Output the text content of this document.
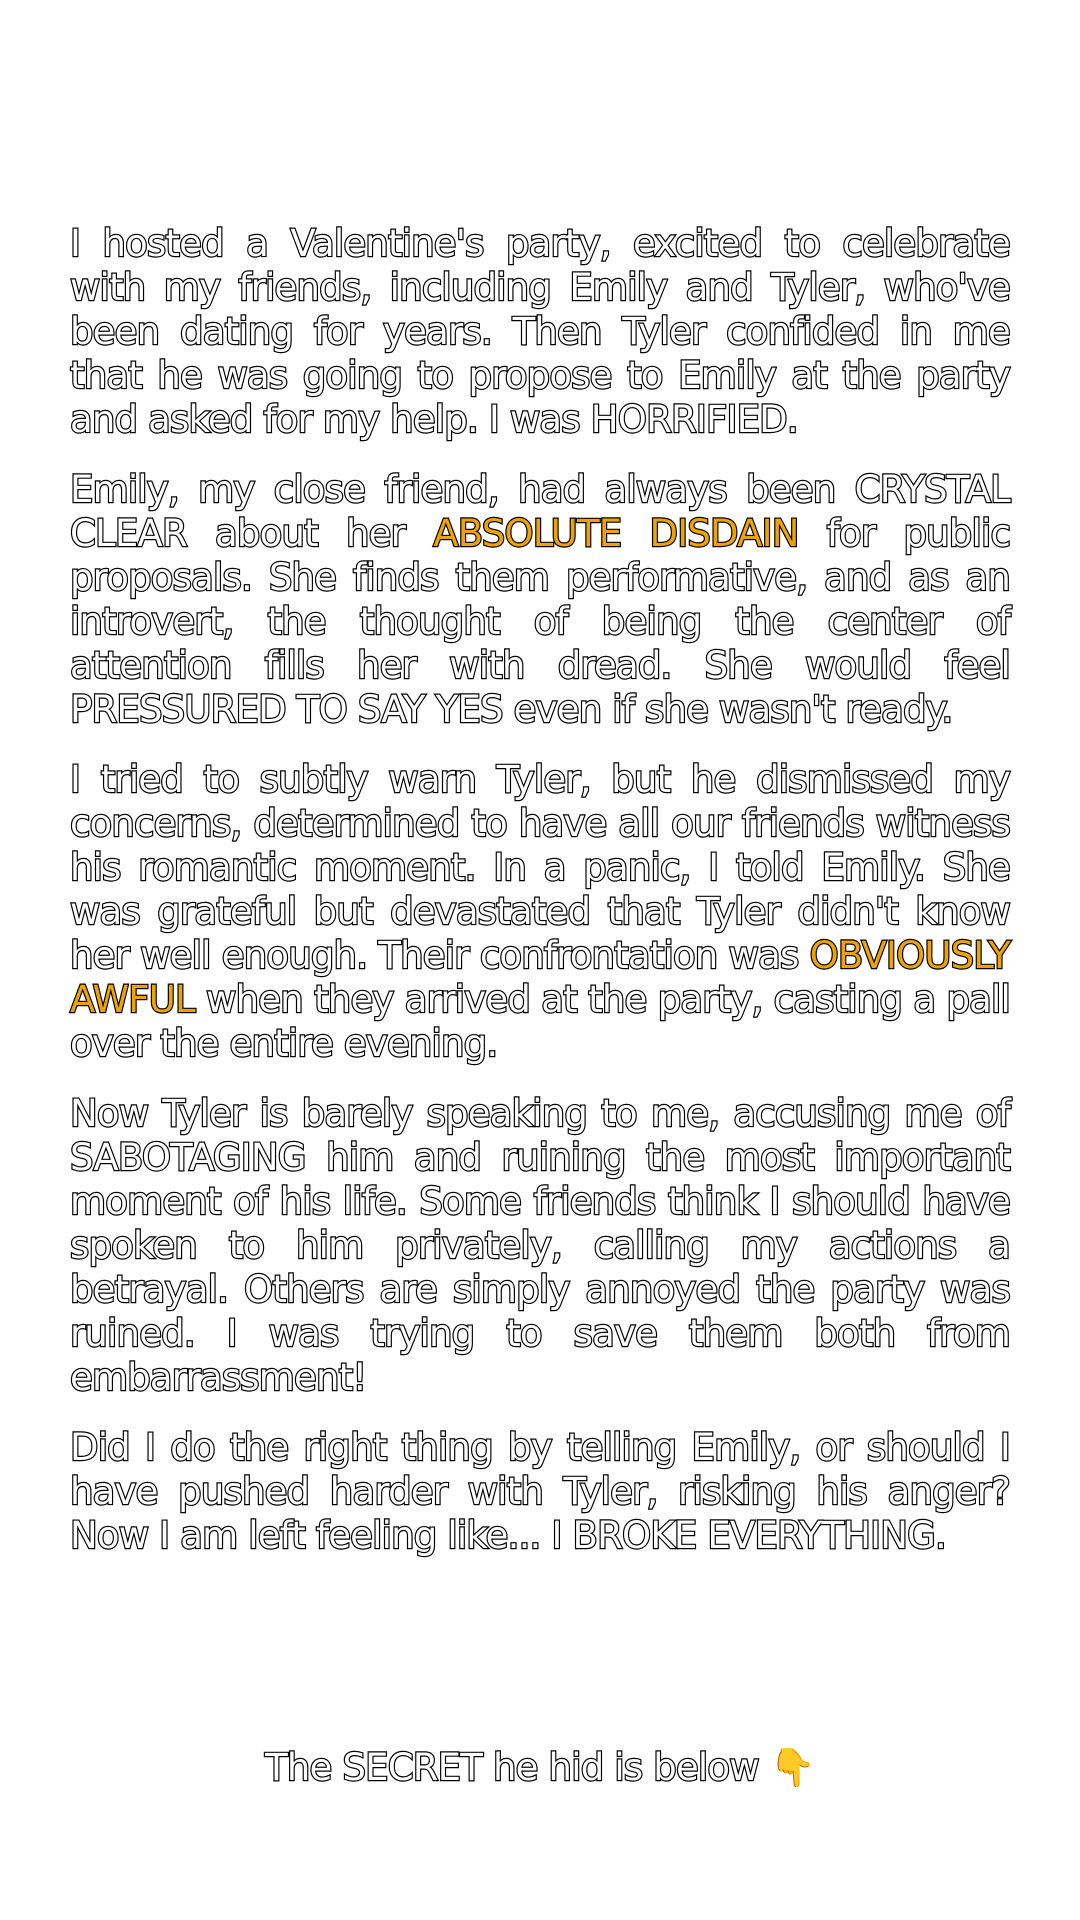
I hosted a Valentine's party, excited to celebrate with my friends, including Emily and Tyler, who've been dating for years. Then Tyler confided in me that he was going to propose to Emily at the party and asked for my help. I was HORRIFIED.

Emily, my close friend, had always been CRYSTAL CLEAR about her ABSOLUTE DISDAIN for public proposals. She finds them performative, and as an introvert, the thought of being the center of attention fills her with dread. She would feel PRESSURED TO SAY YES even if she wasn't ready.

I tried to subtly warn Tyler, but he dismissed my concerns, determined to have all our friends witness his romantic moment. In a panic, I told Emily. She was grateful but devastated that Tyler didn't know her well enough. Their confrontation was OBVIOUSLY AWFUL when they arrived at the party, casting a pall over the entire evening.

Now Tyler is barely speaking to me, accusing me of SABOTAGING him and ruining the most important moment of his life. Some friends think I should have spoken to him privately, calling my actions a betrayal. Others are simply annoyed the party was ruined. I was trying to save them both from embarrassment!

Did I do the right thing by telling Emily, or should I have pushed harder with Tyler, risking his anger? Now I am left feeling like... I BROKE EVERYTHING.

The SECRET he hid is below 👇
